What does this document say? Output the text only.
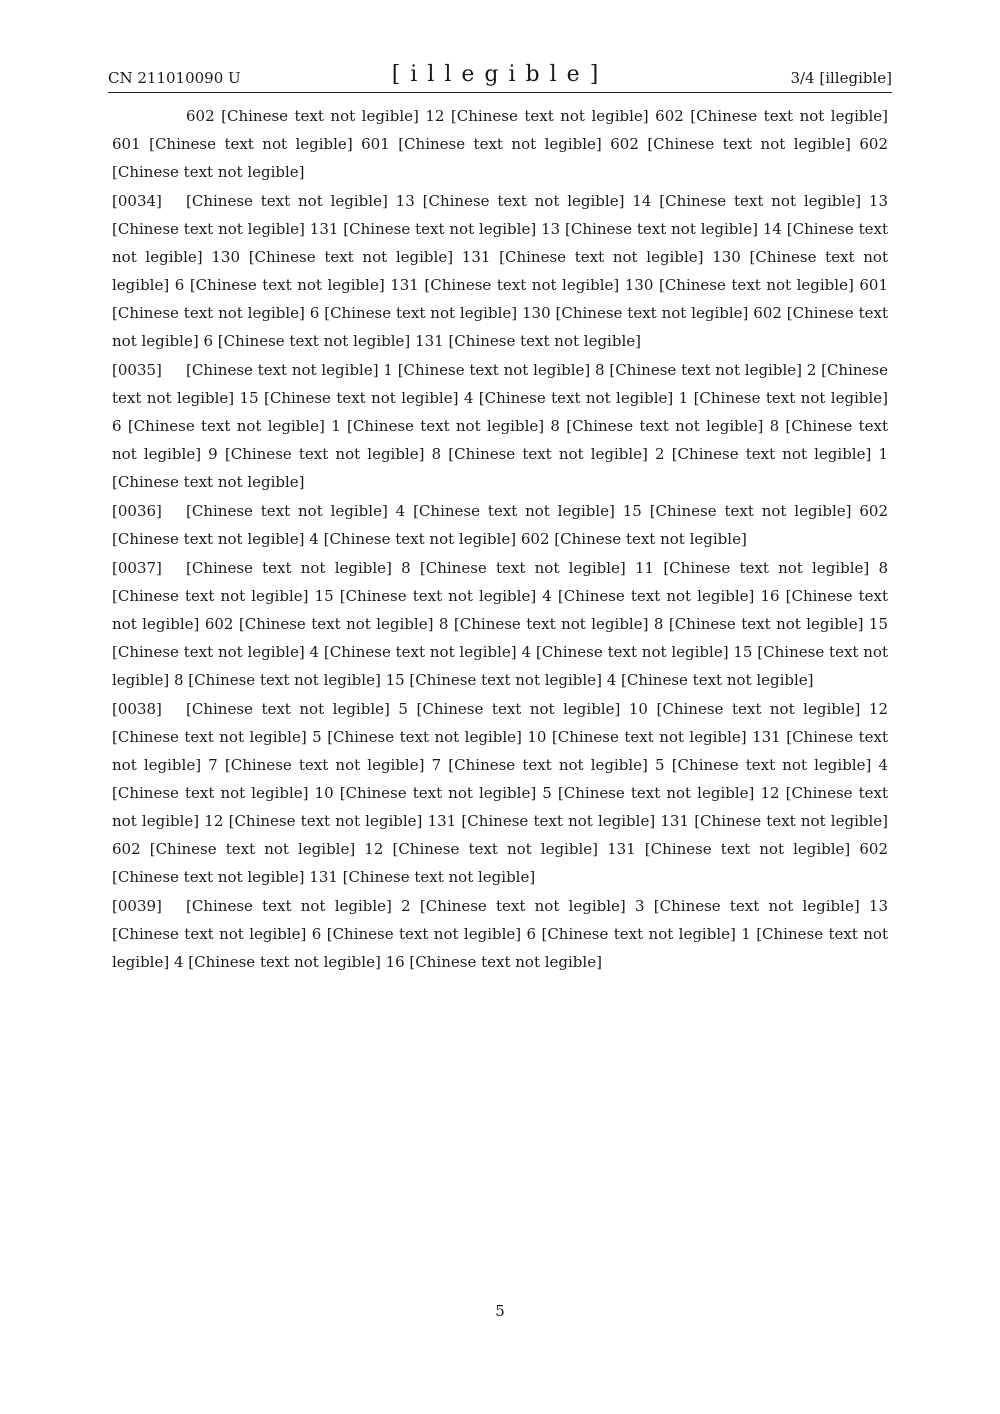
CN 211010090 U	[illegible]	3/4 [illegible]

602 [Chinese text not legible] 12 [Chinese text not legible] 602 [Chinese text not legible] 601 [Chinese text not legible] 601 [Chinese text not legible] 602 [Chinese text not legible] 602 [Chinese text not legible]

[0034] [Chinese text not legible] 13 [Chinese text not legible] 14 [Chinese text not legible] 13 [Chinese text not legible] 131 [Chinese text not legible] 13 [Chinese text not legible] 14 [Chinese text not legible] 130 [Chinese text not legible] 131 [Chinese text not legible] 130 [Chinese text not legible] 6 [Chinese text not legible] 131 [Chinese text not legible] 130 [Chinese text not legible] 601 [Chinese text not legible] 6 [Chinese text not legible] 130 [Chinese text not legible] 602 [Chinese text not legible] 6 [Chinese text not legible] 131 [Chinese text not legible]

[0035] [Chinese text not legible] 1 [Chinese text not legible] 8 [Chinese text not legible] 2 [Chinese text not legible] 15 [Chinese text not legible] 4 [Chinese text not legible] 1 [Chinese text not legible] 6 [Chinese text not legible] 1 [Chinese text not legible] 8 [Chinese text not legible] 8 [Chinese text not legible] 9 [Chinese text not legible] 8 [Chinese text not legible] 2 [Chinese text not legible] 1 [Chinese text not legible]

[0036] [Chinese text not legible] 4 [Chinese text not legible] 15 [Chinese text not legible] 602 [Chinese text not legible] 4 [Chinese text not legible] 602 [Chinese text not legible]

[0037] [Chinese text not legible] 8 [Chinese text not legible] 11 [Chinese text not legible] 8 [Chinese text not legible] 15 [Chinese text not legible] 4 [Chinese text not legible] 16 [Chinese text not legible] 602 [Chinese text not legible] 8 [Chinese text not legible] 8 [Chinese text not legible] 15 [Chinese text not legible] 4 [Chinese text not legible] 4 [Chinese text not legible] 15 [Chinese text not legible] 8 [Chinese text not legible] 15 [Chinese text not legible] 4 [Chinese text not legible]

[0038] [Chinese text not legible] 5 [Chinese text not legible] 10 [Chinese text not legible] 12 [Chinese text not legible] 5 [Chinese text not legible] 10 [Chinese text not legible] 131 [Chinese text not legible] 7 [Chinese text not legible] 7 [Chinese text not legible] 5 [Chinese text not legible] 4 [Chinese text not legible] 10 [Chinese text not legible] 5 [Chinese text not legible] 12 [Chinese text not legible] 12 [Chinese text not legible] 131 [Chinese text not legible] 131 [Chinese text not legible] 602 [Chinese text not legible] 12 [Chinese text not legible] 131 [Chinese text not legible] 602 [Chinese text not legible] 131 [Chinese text not legible]

[0039] [Chinese text not legible] 2 [Chinese text not legible] 3 [Chinese text not legible] 13 [Chinese text not legible] 6 [Chinese text not legible] 6 [Chinese text not legible] 1 [Chinese text not legible] 4 [Chinese text not legible] 16 [Chinese text not legible]

5
